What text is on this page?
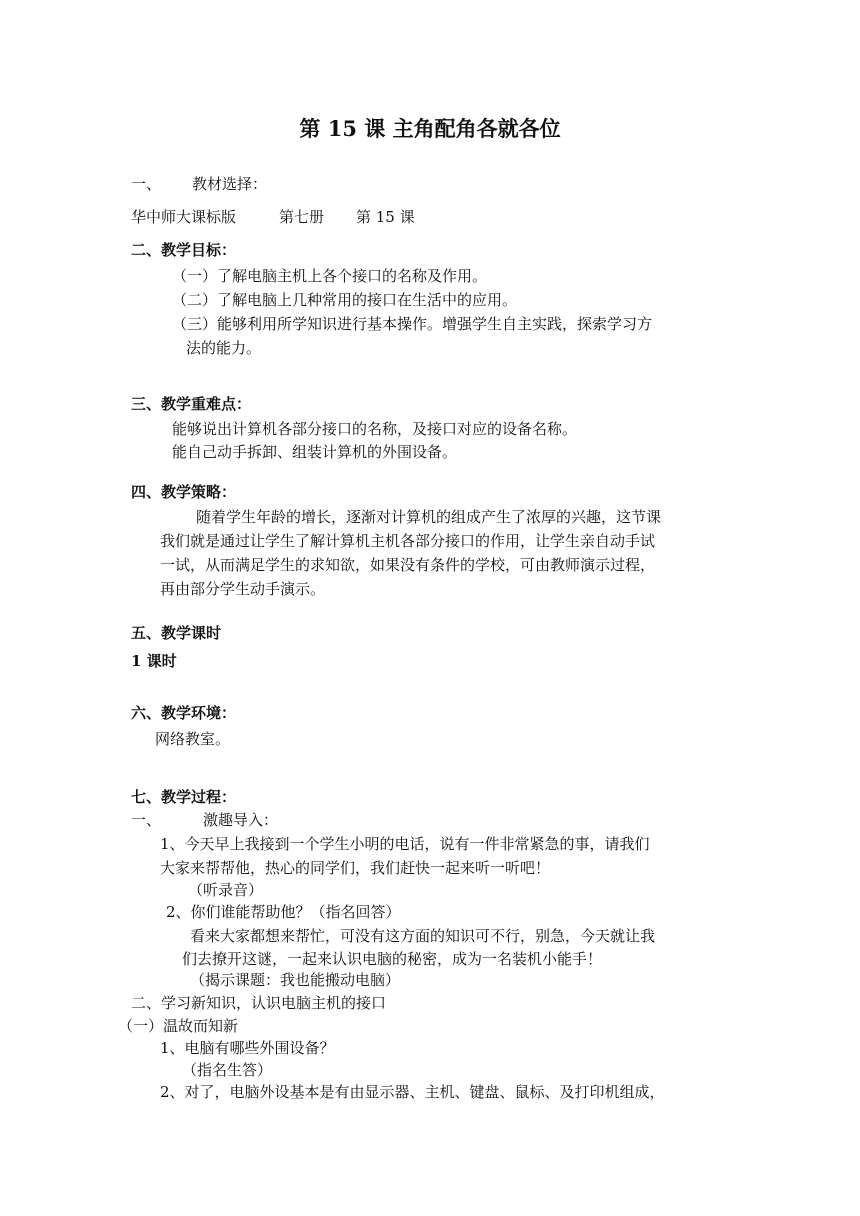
第 15 课 主角配角各就各位
一、 教材选择：
华中师大课标版	第七册 第 15 课
二、教学目标：
（一）了解电脑主机上各个接口的名称及作用。
（二）了解电脑上几种常用的接口在生活中的应用。
（三）能够利用所学知识进行基本操作。增强学生自主实践，探索学习方
法的能力。
三、教学重难点：
能够说出计算机各部分接口的名称，及接口对应的设备名称。
能自己动手拆卸、组装计算机的外围设备。
四、教学策略：
随着学生年龄的增长，逐渐对计算机的组成产生了浓厚的兴趣，这节课
我们就是通过让学生了解计算机主机各部分接口的作用，让学生亲自动手试
一试，从而满足学生的求知欲，如果没有条件的学校，可由教师演示过程，
再由部分学生动手演示。
五、教学课时
1 课时
六、教学环境：
网络教室。
七、教学过程：
一、	激趣导入：
1、今天早上我接到一个学生小明的电话，说有一件非常紧急的事，请我们
大家来帮帮他，热心的同学们，我们赶快一起来听一听吧！
（听录音）
2、你们谁能帮助他？（指名回答）
看来大家都想来帮忙，可没有这方面的知识可不行，别急，今天就让我
们去撩开这谜，一起来认识电脑的秘密，成为一名装机小能手！
（揭示课题：我也能搬动电脑）
二、学习新知识，认识电脑主机的接口
（一）温故而知新
1、电脑有哪些外围设备？
（指名生答）
2、对了，电脑外设基本是有由显示器、主机、键盘、鼠标、及打印机组成，
